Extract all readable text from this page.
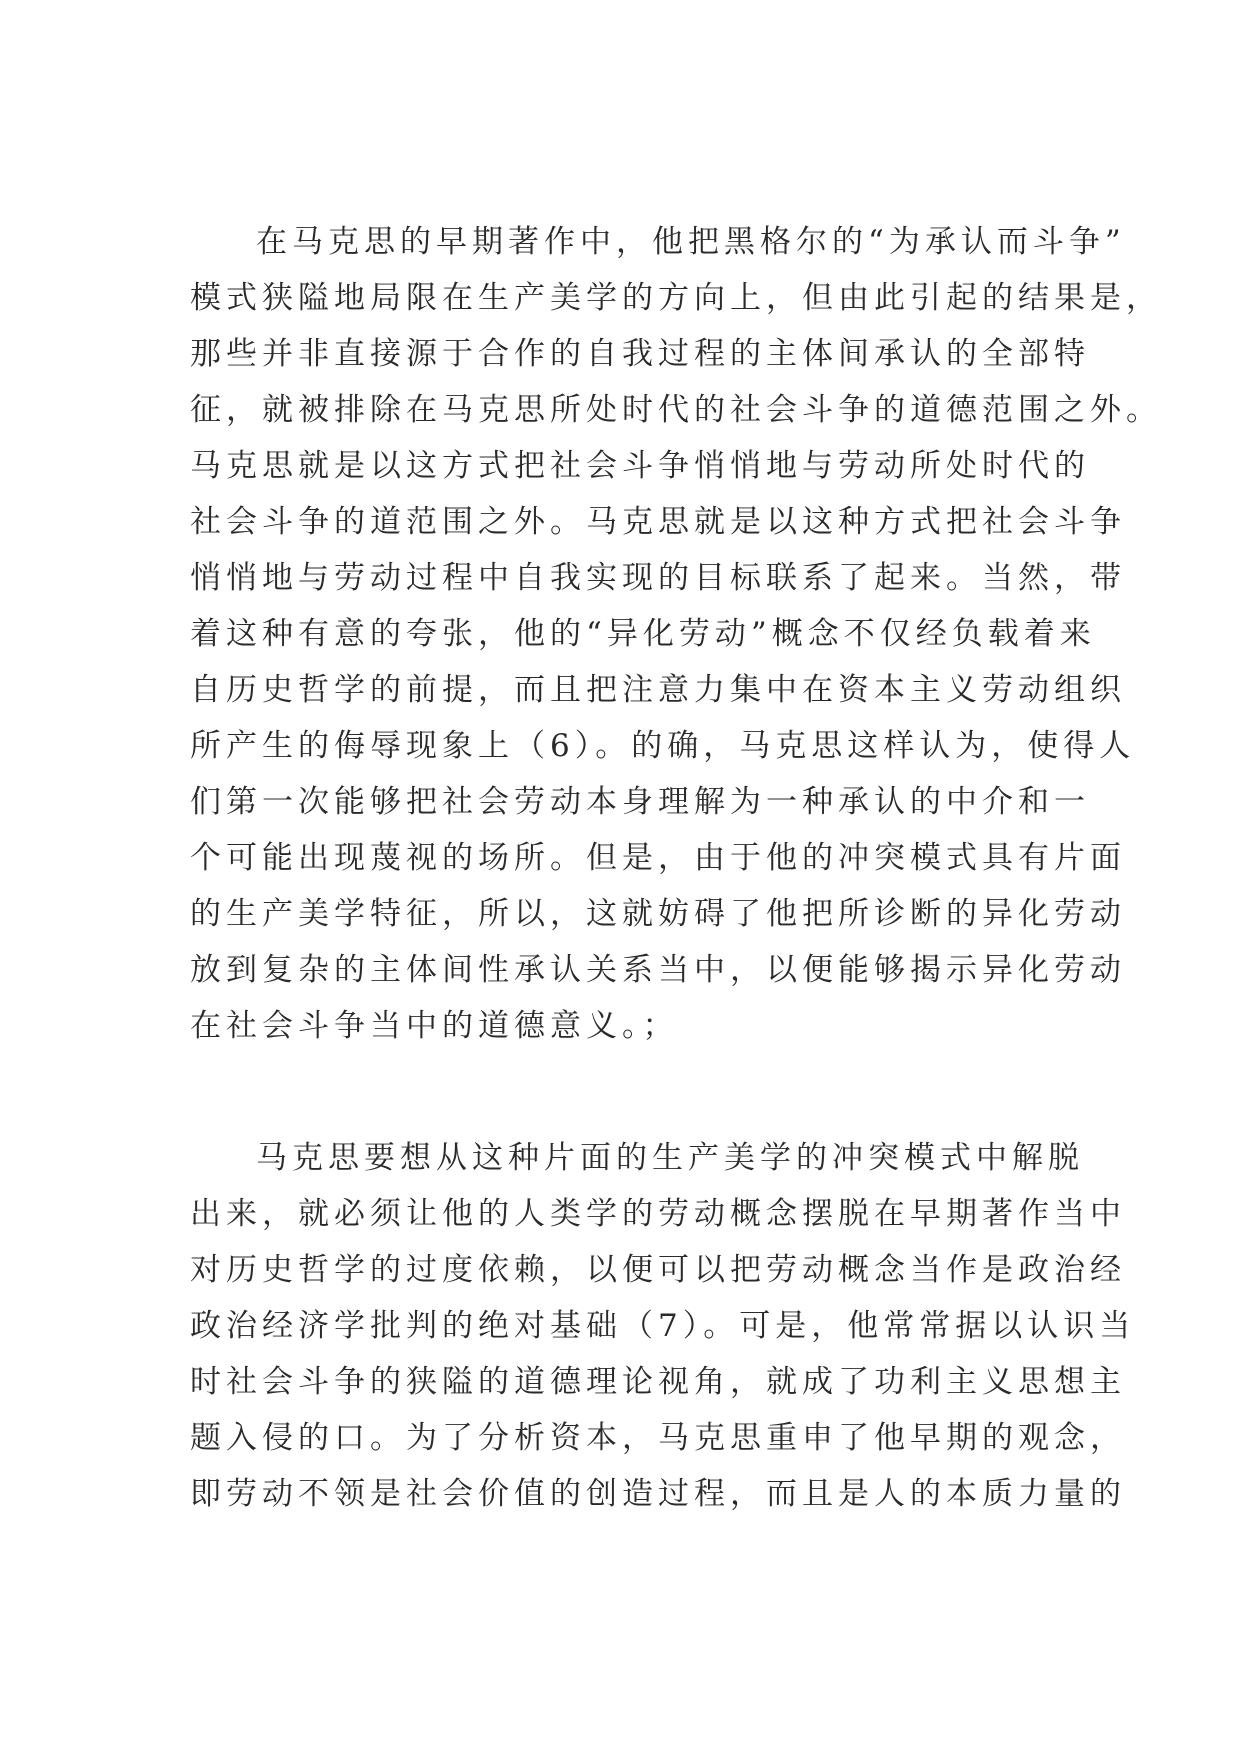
在马克思的早期著作中，他把黑格尔的“为承认而斗争”
模式狭隘地局限在生产美学的方向上，但由此引起的结果是，
那些并非直接源于合作的自我过程的主体间承认的全部特
征，就被排除在马克思所处时代的社会斗争的道德范围之外。
马克思就是以这方式把社会斗争悄悄地与劳动所处时代的
社会斗争的道范围之外。马克思就是以这种方式把社会斗争
悄悄地与劳动过程中自我实现的目标联系了起来。当然，带
着这种有意的夸张，他的“异化劳动”概念不仅经负载着来
自历史哲学的前提，而且把注意力集中在资本主义劳动组织
所产生的侮辱现象上（6）。的确，马克思这样认为，使得人
们第一次能够把社会劳动本身理解为一种承认的中介和一
个可能出现蔑视的场所。但是，由于他的冲突模式具有片面
的生产美学特征，所以，这就妨碍了他把所诊断的异化劳动
放到复杂的主体间性承认关系当中，以便能够揭示异化劳动
在社会斗争当中的道德意义。；
马克思要想从这种片面的生产美学的冲突模式中解脱
出来，就必须让他的人类学的劳动概念摆脱在早期著作当中
对历史哲学的过度依赖，以便可以把劳动概念当作是政治经
政治经济学批判的绝对基础（7）。可是，他常常据以认识当
时社会斗争的狭隘的道德理论视角，就成了功利主义思想主
题入侵的口。为了分析资本，马克思重申了他早期的观念，
即劳动不领是社会价值的创造过程，而且是人的本质力量的
